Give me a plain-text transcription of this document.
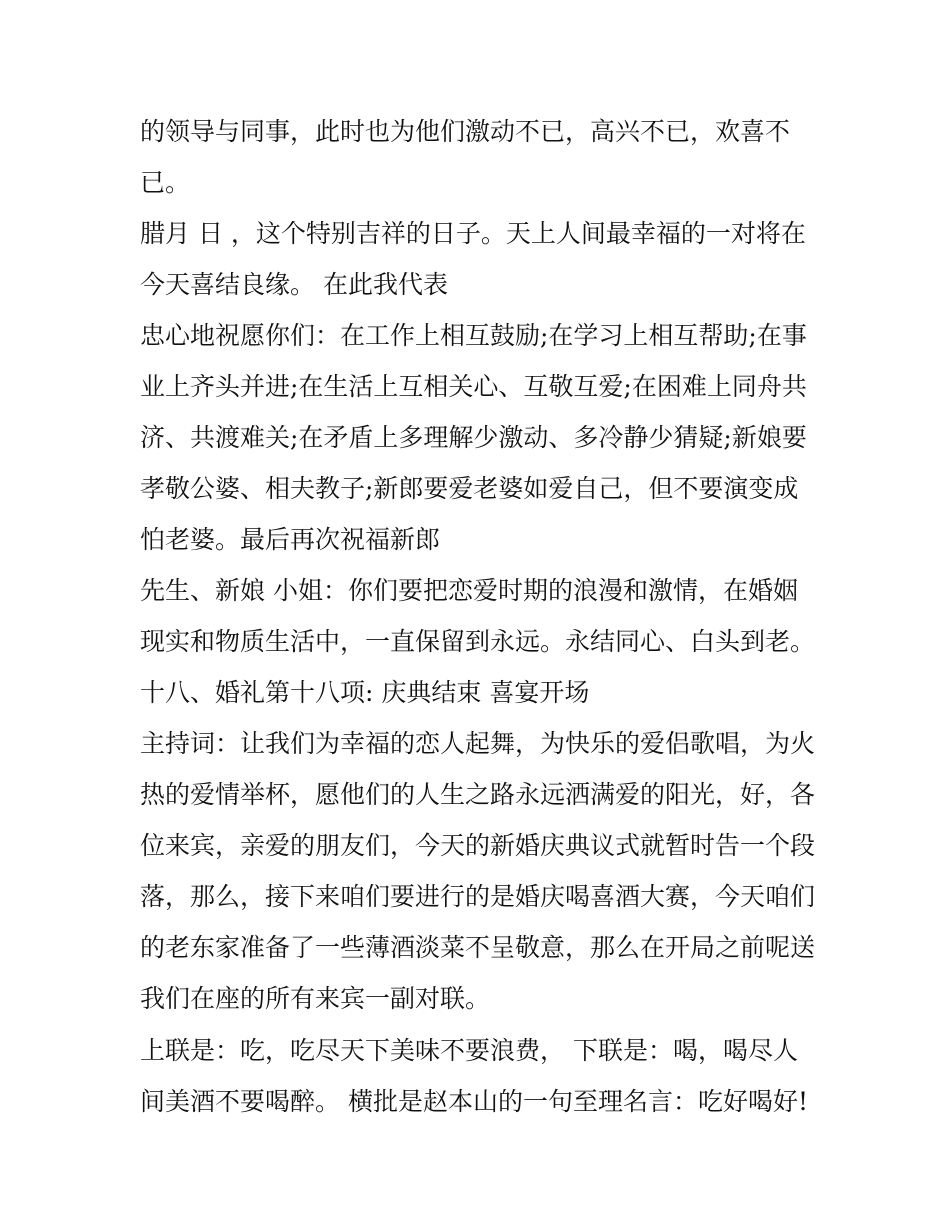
的领导与同事，此时也为他们激动不已，高兴不已，欢喜不
已。
腊月 日 ，这个特别吉祥的日子。天上人间最幸福的一对将在
今天喜结良缘。 在此我代表
忠心地祝愿你们：在工作上相互鼓励;在学习上相互帮助;在事
业上齐头并进;在生活上互相关心、互敬互爱;在困难上同舟共
济、共渡难关;在矛盾上多理解少激动、多冷静少猜疑;新娘要
孝敬公婆、相夫教子;新郎要爱老婆如爱自己，但不要演变成
怕老婆。最后再次祝福新郎
先生、新娘 小姐：你们要把恋爱时期的浪漫和激情，在婚姻
现实和物质生活中，一直保留到永远。永结同心、白头到老。
十八、婚礼第十八项: 庆典结束 喜宴开场
主持词：让我们为幸福的恋人起舞，为快乐的爱侣歌唱，为火
热的爱情举杯，愿他们的人生之路永远洒满爱的阳光，好，各
位来宾，亲爱的朋友们，今天的新婚庆典议式就暂时告一个段
落，那么，接下来咱们要进行的是婚庆喝喜酒大赛，今天咱们
的老东家准备了一些薄酒淡菜不呈敬意，那么在开局之前呢送
我们在座的所有来宾一副对联。
上联是：吃，吃尽天下美味不要浪费， 下联是：喝，喝尽人
间美酒不要喝醉。 横批是赵本山的一句至理名言：吃好喝好!
